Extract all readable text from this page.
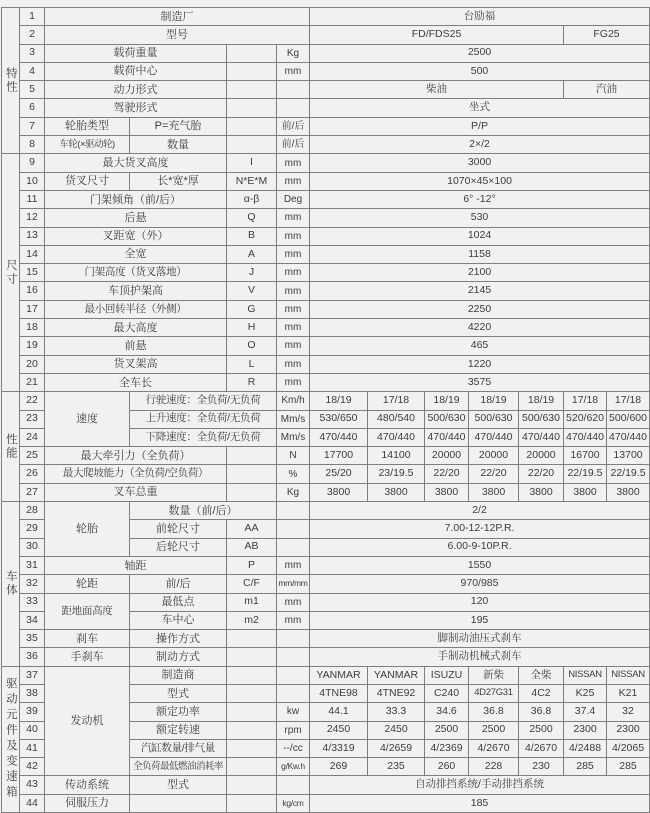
特性	1	制造厂				台励福						
	2	型号				FD/FDS25					FG25	
	3	载荷重量			Kg	2500						
	4	载荷中心			mm	500						
	5	动力形式				柴油					汽油	
	6	驾驶形式				坐式						
	7	轮胎类型	P=充气胎		前/后	P/P						
	8	车轮(×驱动轮)	数量		前/后	2×/2						
尺寸	9	最大货叉高度		I	mm	3000						
	10	货叉尺寸	长*宽*厚	N*E*M	mm	1070×45×100						
	11	门架倾角（前/后）		α-β	Deg	6° -12°						
	12	后悬		Q	mm	530						
	13	叉距宽（外）		B	mm	1024						
	14	全宽		A	mm	1158						
	15	门架高度（货叉落地）		J	mm	2100						
	16	车顶护架高		V	mm	2145						
	17	最小回转半径（外侧）		G	mm	2250						
	18	最大高度		H	mm	4220						
	19	前悬		O	mm	465						
	20	货叉架高		L	mm	1220						
	21	全车长		R	mm	3575						
性能	22	速度	行驶速度：全负荷/无负荷		Km/h	18/19	17/18	18/19	18/19	18/19	17/18	17/18
	23		上升速度：全负荷/无负荷		Mm/s	530/650	480/540	500/630	500/630	500/630	520/620	500/600
	24		下降速度：全负荷/无负荷		Mm/s	470/440	470/440	470/440	470/440	470/440	470/440	470/440
	25	最大牵引力（全负荷）			N	17700	14100	20000	20000	20000	16700	13700
	26	最大爬坡能力（全负荷/空负荷）			%	25/20	23/19.5	22/20	22/20	22/20	22/19.5	22/19.5
	27	叉车总重			Kg	3800	3800	3800	3800	3800	3800	3800
车体	28	轮胎	数量（前/后）			2/2						
	29		前轮尺寸	AA		7.00-12-12P.R.						
	30		后轮尺寸	AB		6.00-9-10P.R.						
	31	轴距		P	mm	1550						
	32	轮距	前/后	C/F	mm/mm	970/985						
	33	距地面高度	最低点	m1	mm	120						
	34		车中心	m2	mm	195						
	35	刹车	操作方式			脚制动油压式刹车						
	36	手刹车	制动方式			手制动机械式刹车						
驱动元件及变速箱	37	发动机	制造商			YANMAR	YANMAR	ISUZU	新柴	全柴	NISSAN	NISSAN
	38		型式			4TNE98	4TNE92	C240	4D27G31	4C2	K25	K21
	39		额定功率		kw	44.1	33.3	34.6	36.8	36.8	37.4	32
	40		额定转速		rpm	2450	2450	2500	2500	2500	2300	2300
	41		汽缸数量/排气量		--/cc	4/3319	4/2659	4/2369	4/2670	4/2670	4/2488	4/2065
	42		全负荷最低燃油消耗率		g/Kw.h	269	235	260	228	230	285	285
	43	传动系统	型式			自动排挡系统/手动排挡系统						
	44	伺服压力			kg/cm	185						
